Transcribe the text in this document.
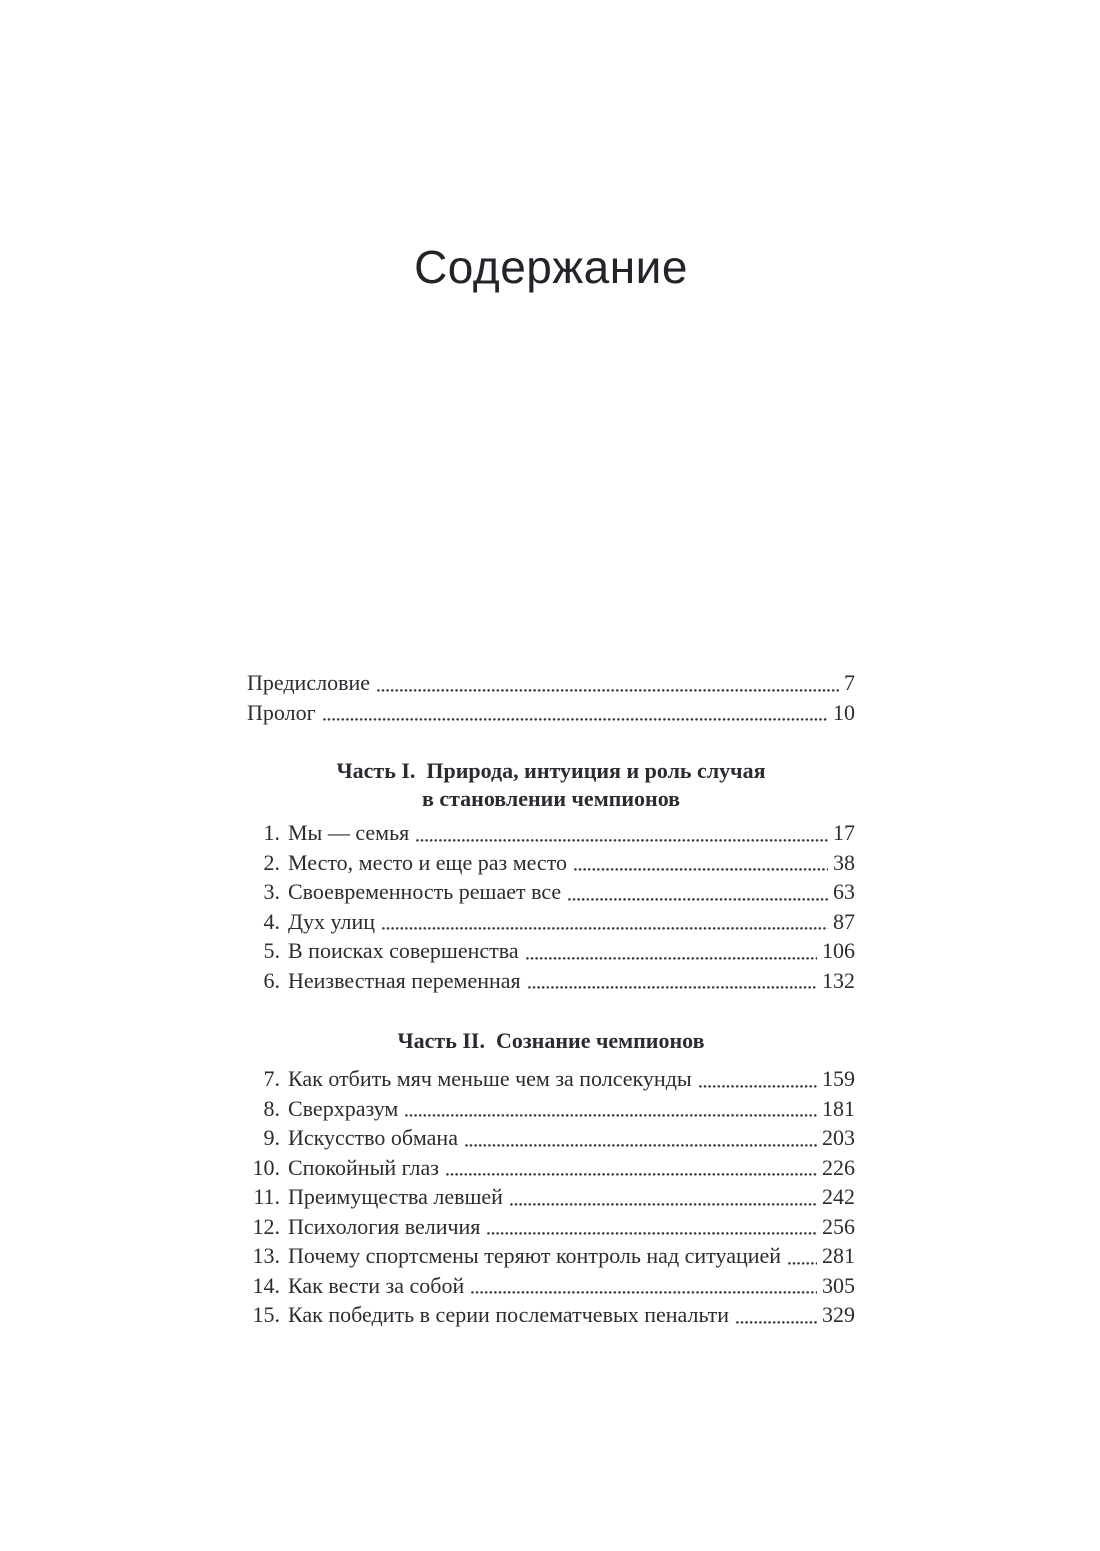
Содержание
Предисловие	7
Пролог	10
Часть I.  Природа, интуиция и роль случая
в становлении чемпионов
1. Мы — семья	17
2. Место, место и еще раз место	38
3. Своевременность решает все	63
4. Дух улиц	87
5. В поисках совершенства	106
6. Неизвестная переменная	132
Часть II.  Сознание чемпионов
7. Как отбить мяч меньше чем за полсекунды	159
8. Сверхразум	181
9. Искусство обмана	203
10. Спокойный глаз	226
11. Преимущества левшей	242
12. Психология величия	256
13. Почему спортсмены теряют контроль над ситуацией 281
14. Как вести за собой	305
15. Как победить в серии послематчевых пенальти	329
